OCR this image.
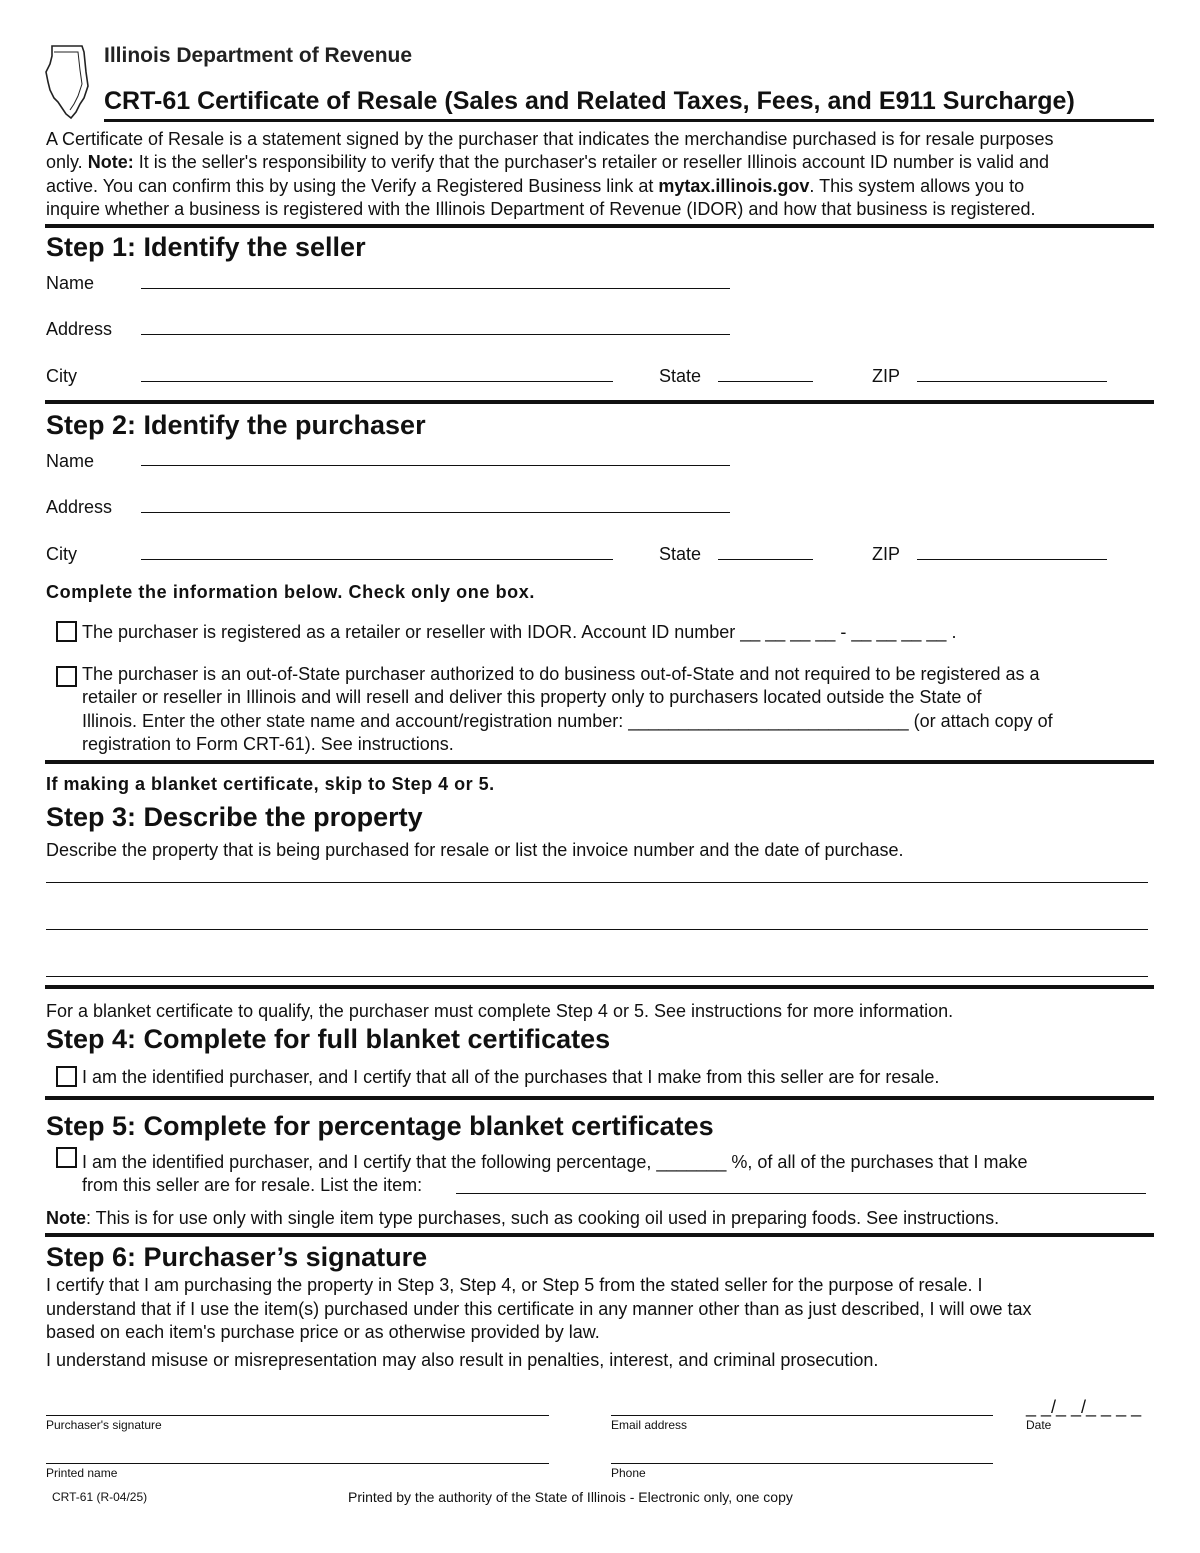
Illinois Department of Revenue
CRT-61 Certificate of Resale (Sales and Related Taxes, Fees, and E911 Surcharge)
A Certificate of Resale is a statement signed by the purchaser that indicates the merchandise purchased is for resale purposes
only. Note: It is the seller's responsibility to verify that the purchaser's retailer or reseller Illinois account ID number is valid and
active. You can confirm this by using the Verify a Registered Business link at mytax.illinois.gov. This system allows you to
inquire whether a business is registered with the Illinois Department of Revenue (IDOR) and how that business is registered.
Step 1: Identify the seller
Name
Address
City	State	ZIP
Step 2: Identify the purchaser
Name
Address
City	State	ZIP
Complete the information below. Check only one box.
The purchaser is registered as a retailer or reseller with IDOR. Account ID number __ __ __ __ - __ __ __ __ .
The purchaser is an out-of-State purchaser authorized to do business out-of-State and not required to be registered as a
retailer or reseller in Illinois and will resell and deliver this property only to purchasers located outside the State of
Illinois. Enter the other state name and account/registration number: ____________________________ (or attach copy of
registration to Form CRT-61). See instructions.
If making a blanket certificate, skip to Step 4 or 5.
Step 3: Describe the property
Describe the property that is being purchased for resale or list the invoice number and the date of purchase.
For a blanket certificate to qualify, the purchaser must complete Step 4 or 5. See instructions for more information.
Step 4: Complete for full blanket certificates
I am the identified purchaser, and I certify that all of the purchases that I make from this seller are for resale.
Step 5: Complete for percentage blanket certificates
I am the identified purchaser, and I certify that the following percentage, _______ %, of all of the purchases that I make
from this seller are for resale. List the item:
Note: This is for use only with single item type purchases, such as cooking oil used in preparing foods. See instructions.
Step 6: Purchaser’s signature
I certify that I am purchasing the property in Step 3, Step 4, or Step 5 from the stated seller for the purpose of resale. I
understand that if I use the item(s) purchased under this certificate in any manner other than as just described, I will owe tax
based on each item's purchase price or as otherwise provided by law.
I understand misuse or misrepresentation may also result in penalties, interest, and criminal prosecution.
Purchaser's signature	Email address
_ _/_ _/_ _ _ _
Date
Printed name	Phone
CRT-61 (R-04/25)	Printed by the authority of the State of Illinois - Electronic only, one copy
